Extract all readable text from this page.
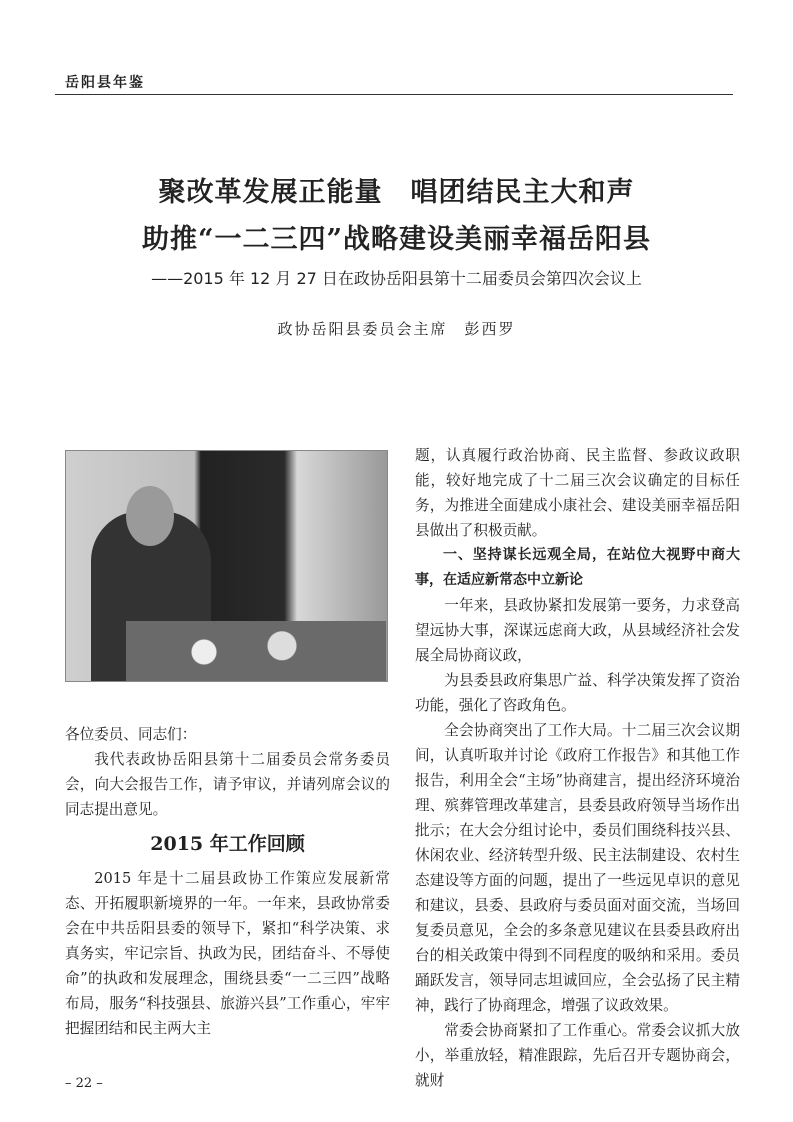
岳阳县年鉴
聚改革发展正能量　唱团结民主大和声
助推“一二三四”战略建设美丽幸福岳阳县
——2015 年 12 月 27 日在政协岳阳县第十二届委员会第四次会议上
政协岳阳县委员会主席　彭西罗

各位委员、同志们：

我代表政协岳阳县第十二届委员会常务委员会，向大会报告工作，请予审议，并请列席会议的同志提出意见。

2015 年工作回顾

2015 年是十二届县政协工作策应发展新常态、开拓履职新境界的一年。一年来，县政协常委会在中共岳阳县委的领导下，紧扣“科学决策、求真务实，牢记宗旨、执政为民，团结奋斗、不辱使命”的执政和发展理念，围绕县委“一二三四”战略布局，服务“科技强县、旅游兴县”工作重心，牢牢把握团结和民主两大主

题，认真履行政治协商、民主监督、参政议政职能，较好地完成了十二届三次会议确定的目标任务，为推进全面建成小康社会、建设美丽幸福岳阳县做出了积极贡献。

一、坚持谋长远观全局，在站位大视野中商大事，在适应新常态中立新论

一年来，县政协紧扣发展第一要务，力求登高望远协大事，深谋远虑商大政，从县域经济社会发展全局协商议政，

为县委县政府集思广益、科学决策发挥了资治功能，强化了咨政角色。

全会协商突出了工作大局。十二届三次会议期间，认真听取并讨论《政府工作报告》和其他工作报告，利用全会“主场”协商建言，提出经济环境治理、殡葬管理改革建言，县委县政府领导当场作出批示；在大会分组讨论中，委员们围绕科技兴县、休闲农业、经济转型升级、民主法制建设、农村生态建设等方面的问题，提出了一些远见卓识的意见和建议，县委、县政府与委员面对面交流，当场回复委员意见，全会的多条意见建议在县委县政府出台的相关政策中得到不同程度的吸纳和采用。委员踊跃发言，领导同志坦诚回应，全会弘扬了民主精神，践行了协商理念，增强了议政效果。

常委会协商紧扣了工作重心。常委会议抓大放小，举重放轻，精准跟踪，先后召开专题协商会，就财

– 22 –
